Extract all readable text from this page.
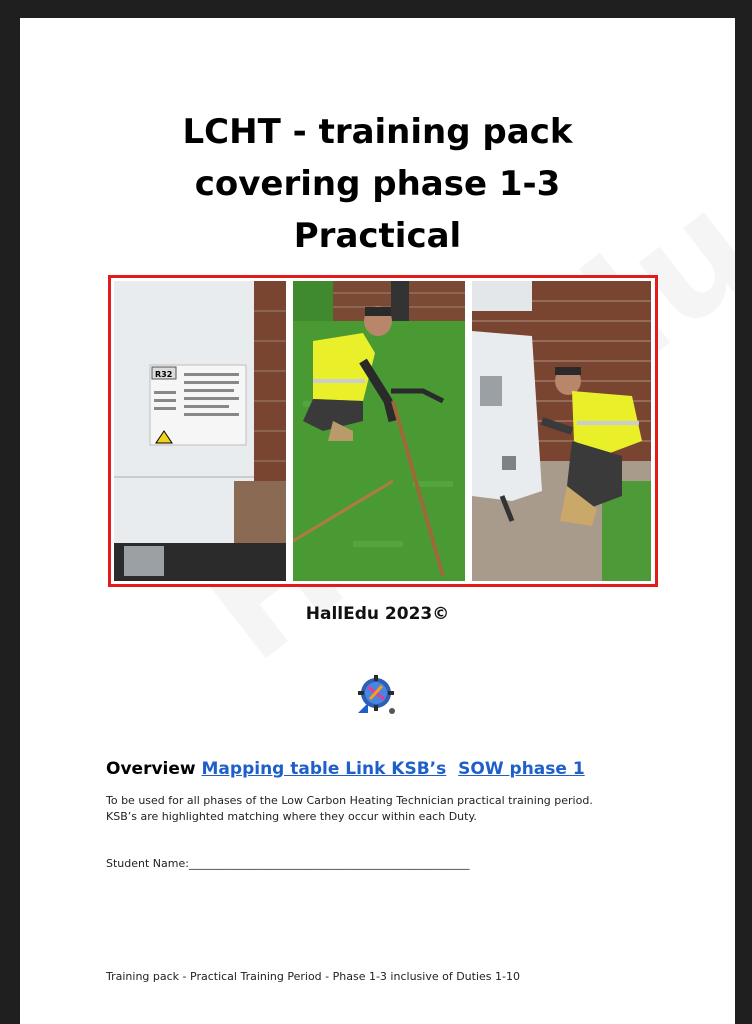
LCHT - training pack
covering phase 1-3
Practical
R32
HallEdu 2023©
Overview Mapping table Link KSB’s SOW phase 1
To be used for all phases of the Low Carbon Heating Technician practical training period.
KSB’s are highlighted matching where they occur within each Duty.
Student Name:___________________________________________________
Training pack - Practical Training Period - Phase 1-3 inclusive of Duties 1-10
